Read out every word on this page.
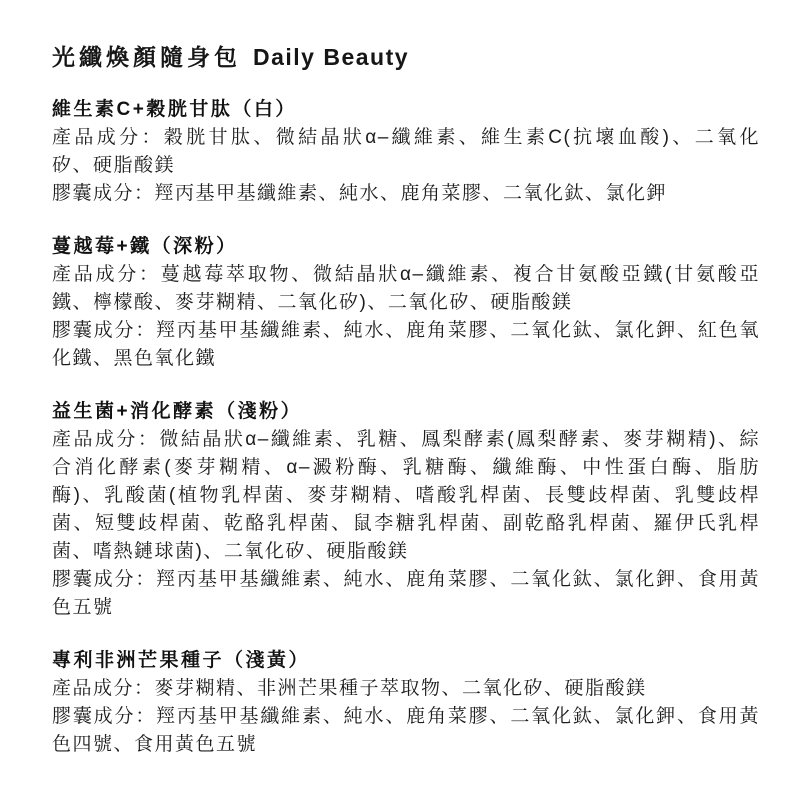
光纖煥顏隨身包 Daily Beauty
維生素C+穀胱甘肽（白）
產品成分：穀胱甘肽、微結晶狀α–纖維素、維生素C(抗壞血酸)、二氧化
矽、硬脂酸鎂
膠囊成分：羥丙基甲基纖維素、純水、鹿角菜膠、二氧化鈦、氯化鉀
蔓越莓+鐵（深粉）
產品成分：蔓越莓萃取物、微結晶狀α–纖維素、複合甘氨酸亞鐵(甘氨酸亞
鐵、檸檬酸、麥芽糊精、二氧化矽)、二氧化矽、硬脂酸鎂
膠囊成分：羥丙基甲基纖維素、純水、鹿角菜膠、二氧化鈦、氯化鉀、紅色氧
化鐵、黑色氧化鐵
益生菌+消化酵素（淺粉）
產品成分：微結晶狀α–纖維素、乳糖、鳳梨酵素(鳳梨酵素、麥芽糊精)、綜
合消化酵素(麥芽糊精、α–澱粉酶、乳糖酶、纖維酶、中性蛋白酶、脂肪
酶)、乳酸菌(植物乳桿菌、麥芽糊精、嗜酸乳桿菌、長雙歧桿菌、乳雙歧桿
菌、短雙歧桿菌、乾酪乳桿菌、鼠李糖乳桿菌、副乾酪乳桿菌、羅伊氏乳桿
菌、嗜熱鏈球菌)、二氧化矽、硬脂酸鎂
膠囊成分：羥丙基甲基纖維素、純水、鹿角菜膠、二氧化鈦、氯化鉀、食用黃
色五號
專利非洲芒果種子（淺黃）
產品成分：麥芽糊精、非洲芒果種子萃取物、二氧化矽、硬脂酸鎂
膠囊成分：羥丙基甲基纖維素、純水、鹿角菜膠、二氧化鈦、氯化鉀、食用黃
色四號、食用黃色五號
